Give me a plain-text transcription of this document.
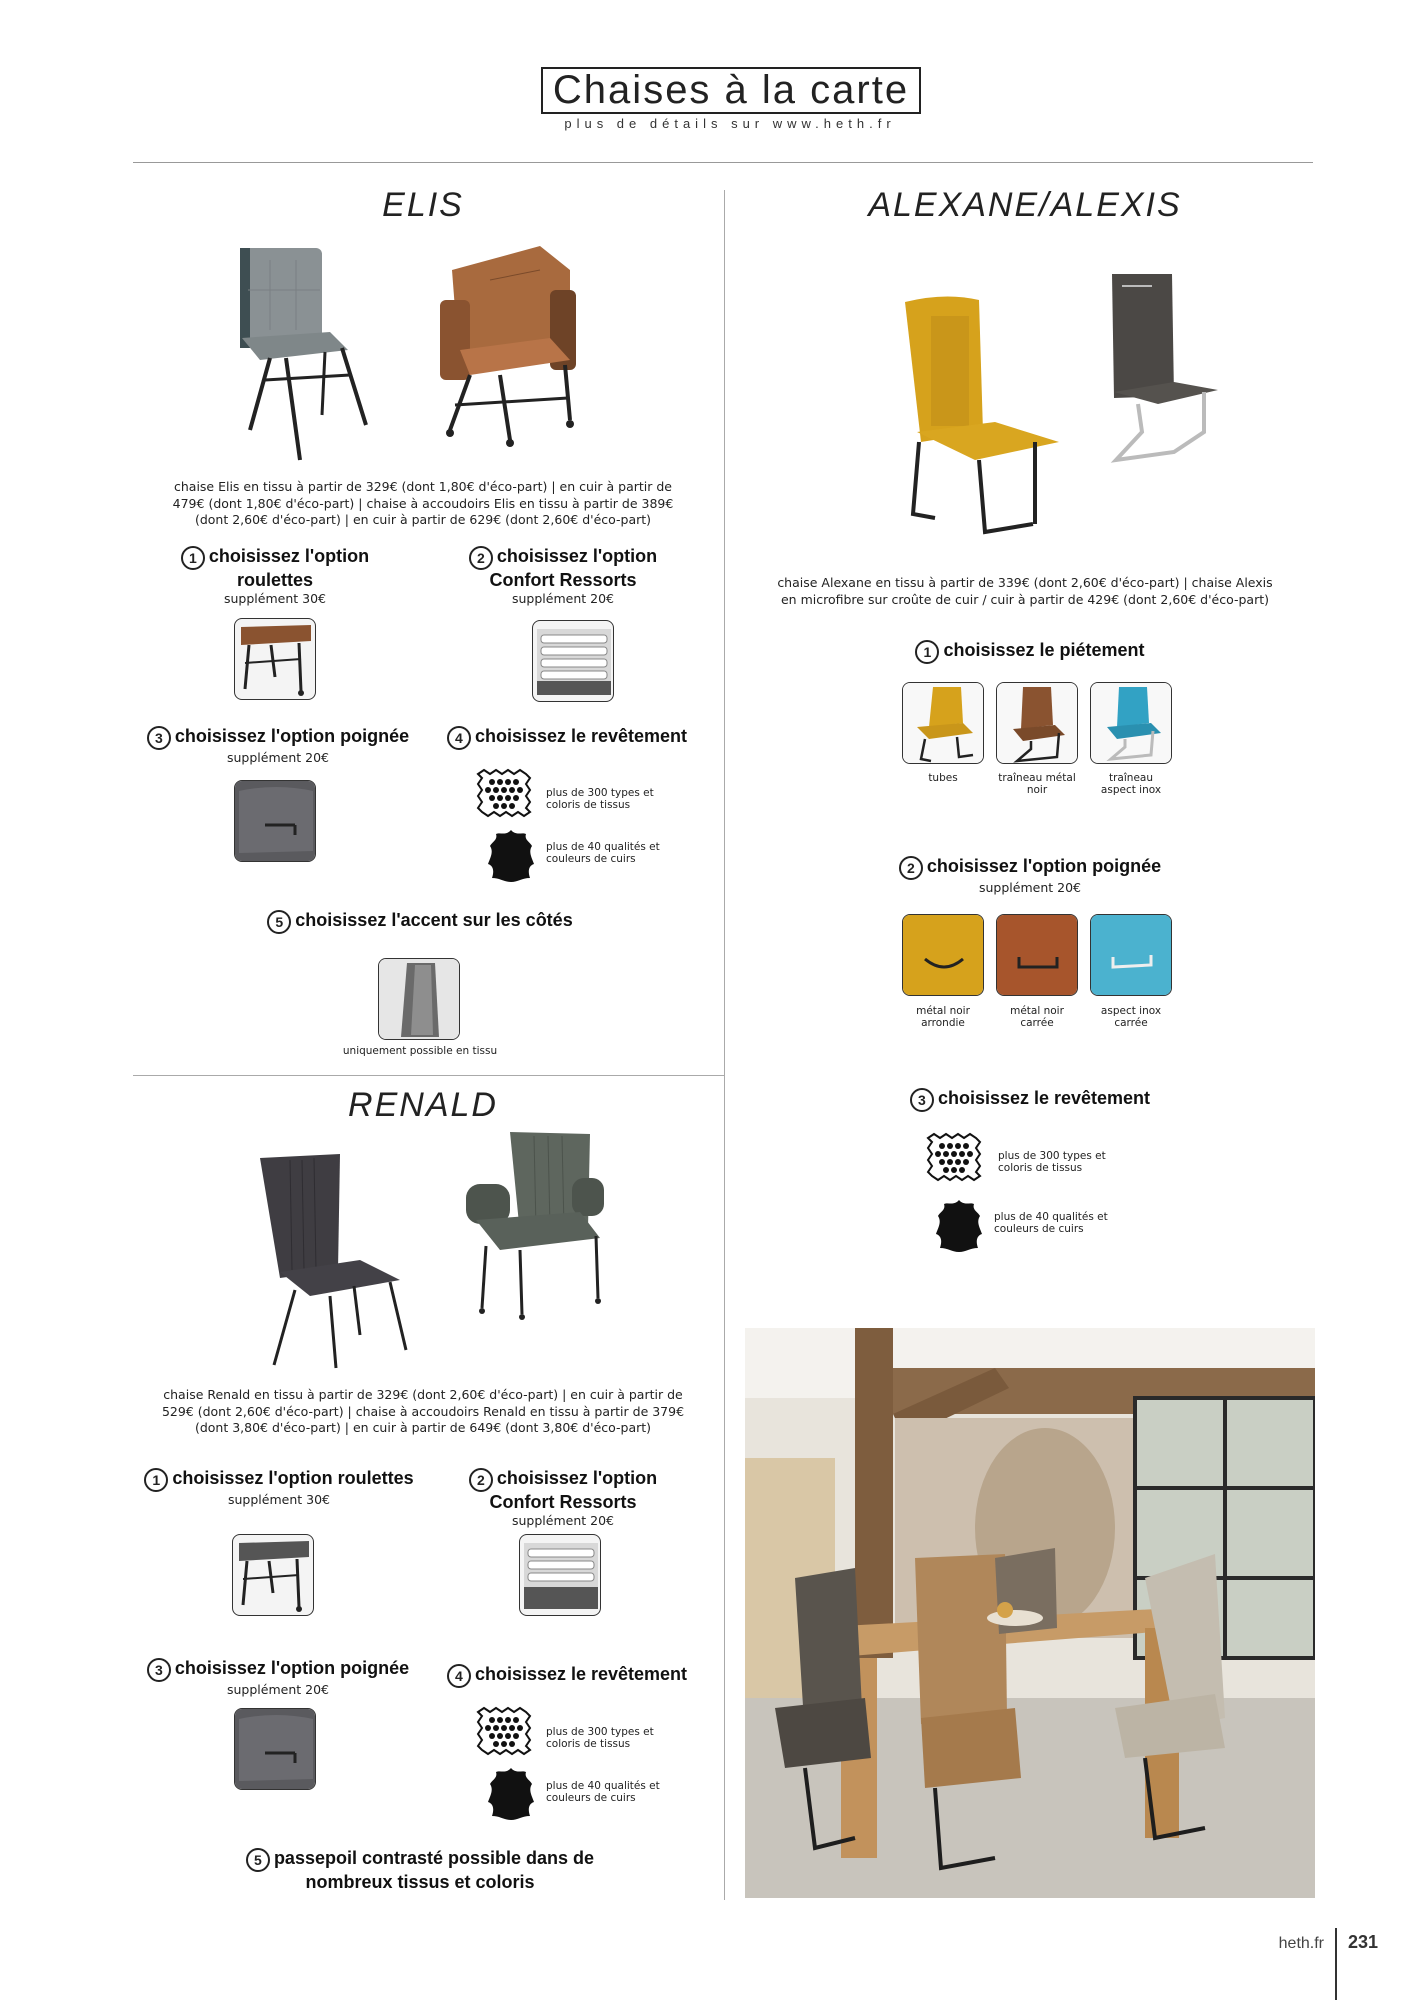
Chaises à la carte
plus de détails sur www.heth.fr
ELIS
chaise Elis en tissu à partir de 329€ (dont 1,80€ d'éco-part) | en cuir à partir de
479€ (dont 1,80€ d'éco-part) | chaise à accoudoirs Elis en tissu à partir de 389€
(dont 2,60€ d'éco-part) | en cuir à partir de 629€ (dont 2,60€ d'éco-part)
1 choisissez l'option
roulettes
supplément 30€
2 choisissez l'option
Confort Ressorts
supplément 20€
3 choisissez l'option poignée
supplément 20€
4 choisissez le revêtement
plus de 300 types et
coloris de tissus
plus de 40 qualités et
couleurs de cuirs
5 choisissez l'accent sur les côtés
uniquement possible en tissu
RENALD
chaise Renald en tissu à partir de 329€ (dont 2,60€ d'éco-part) | en cuir à partir de
529€ (dont 2,60€ d'éco-part) | chaise à accoudoirs Renald en tissu à partir de 379€
(dont 3,80€ d'éco-part) | en cuir à partir de 649€ (dont 3,80€ d'éco-part)
1 choisissez l'option roulettes
supplément 30€
2 choisissez l'option
Confort Ressorts
supplément 20€
3 choisissez l'option poignée
supplément 20€
4 choisissez le revêtement
plus de 300 types et
coloris de tissus
plus de 40 qualités et
couleurs de cuirs
5 passepoil contrasté possible dans de
nombreux tissus et coloris
ALEXANE/ALEXIS
chaise Alexane en tissu à partir de 339€ (dont 2,60€ d'éco-part) | chaise Alexis
en microfibre sur croûte de cuir / cuir à partir de 429€ (dont 2,60€ d'éco-part)
1 choisissez le piétement
tubes	traîneau métal
noir
traîneau
aspect inox
2 choisissez l'option poignée
supplément 20€
métal noir
arrondie
métal noir
carrée
aspect inox
carrée
3 choisissez le revêtement
plus de 300 types et
coloris de tissus
plus de 40 qualités et
couleurs de cuirs
heth.fr 231
